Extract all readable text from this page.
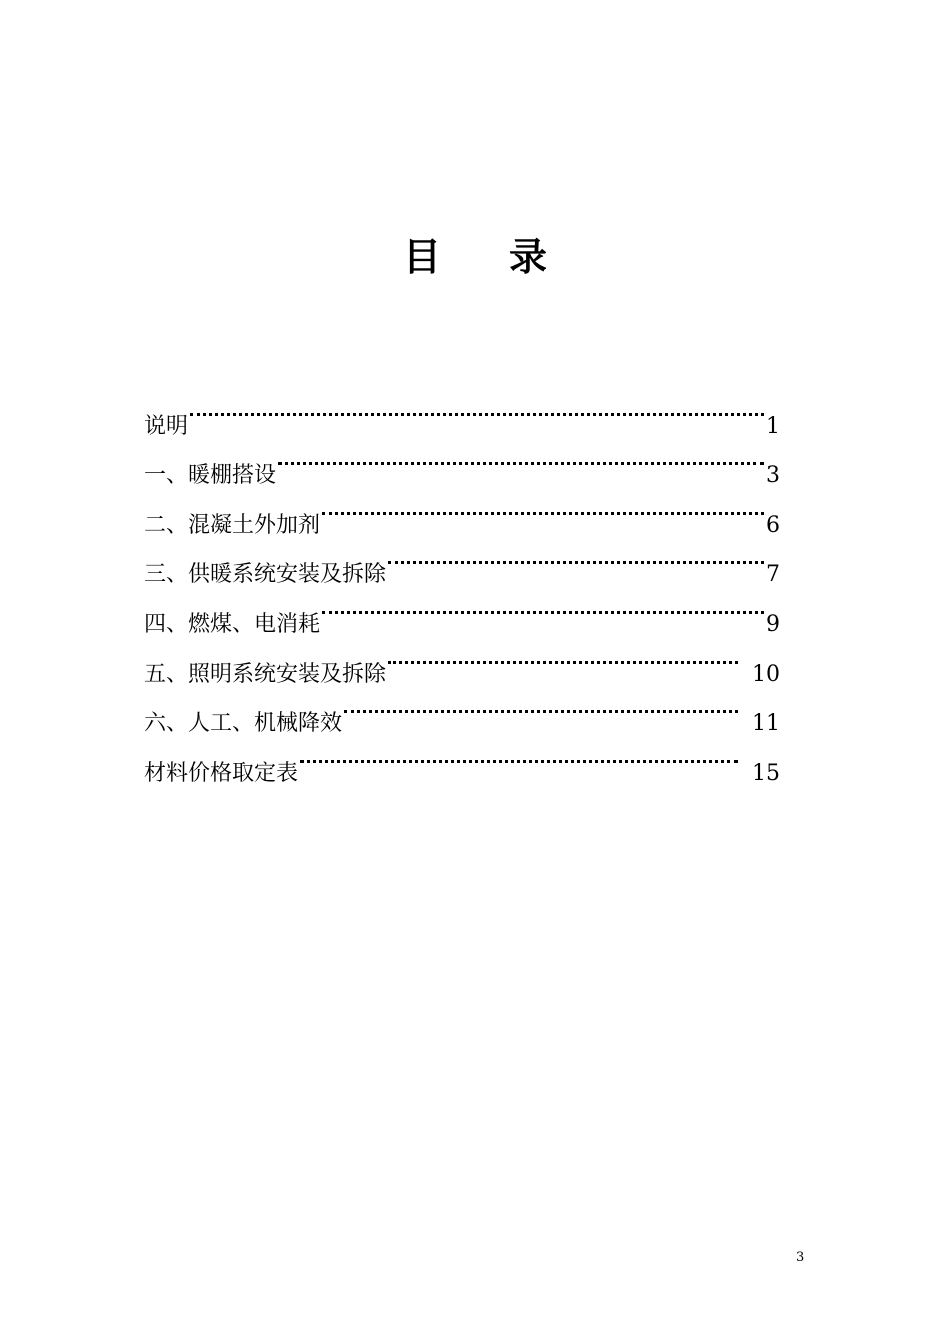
目 录
说明	1
一、暖棚搭设	3
二、混凝土外加剂	6
三、供暖系统安装及拆除	7
四、燃煤、电消耗	9
五、照明系统安装及拆除	10
六、人工、机械降效	11
材料价格取定表	15
3
